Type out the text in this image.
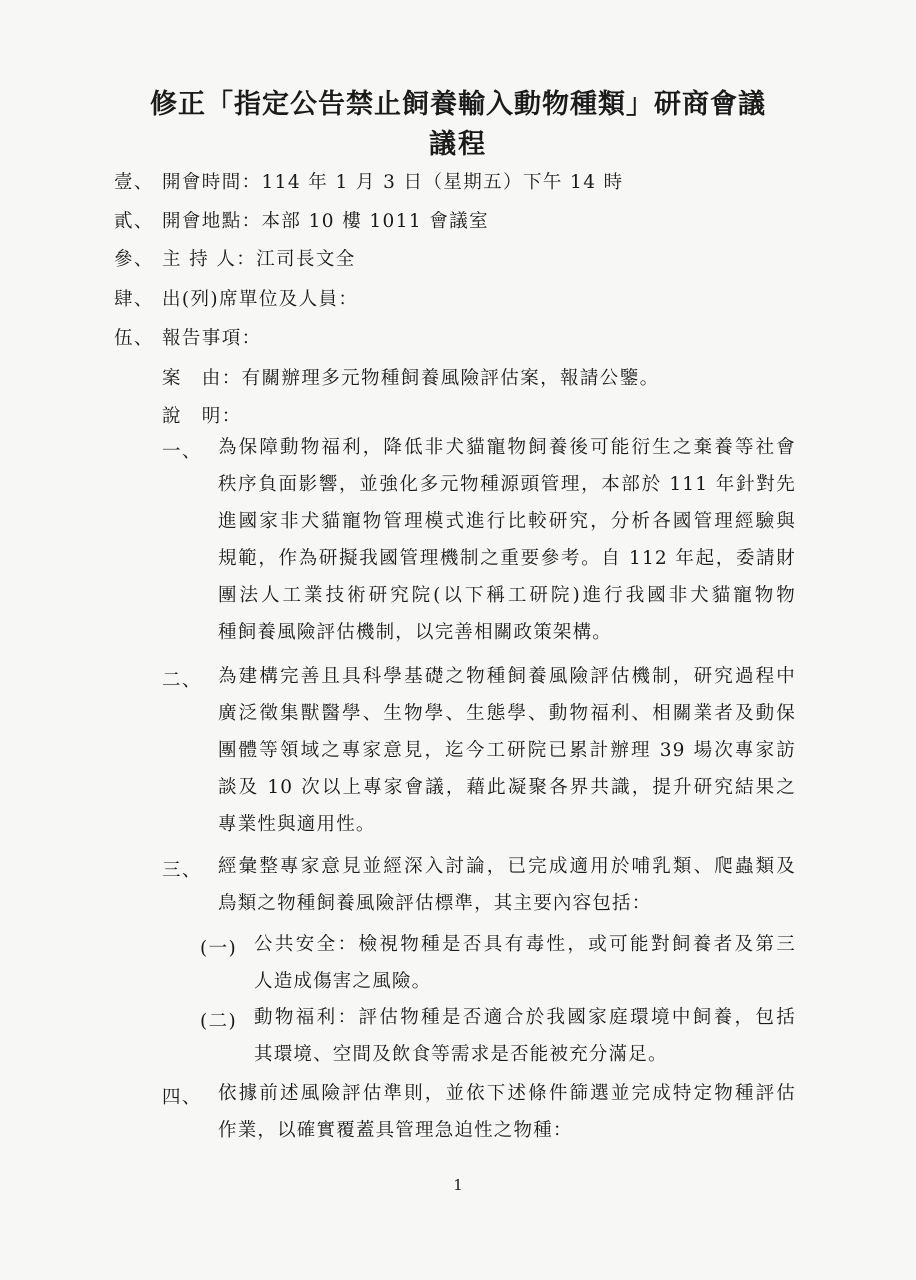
修正「指定公告禁止飼養輸入動物種類」研商會議
議程
壹、 開會時間：114 年 1 月 3 日（星期五）下午 14 時
貳、 開會地點：本部 10 樓 1011 會議室
參、 主 持 人：江司長文全
肆、 出(列)席單位及人員：
伍、 報告事項：
案　由：有關辦理多元物種飼養風險評估案，報請公鑒。
說　明：
一、 為保障動物福利，降低非犬貓寵物飼養後可能衍生之棄養等社會
秩序負面影響，並強化多元物種源頭管理，本部於 111 年針對先
進國家非犬貓寵物管理模式進行比較研究，分析各國管理經驗與
規範，作為研擬我國管理機制之重要參考。自 112 年起，委請財
團法人工業技術研究院(以下稱工研院)進行我國非犬貓寵物物
種飼養風險評估機制，以完善相關政策架構。
二、 為建構完善且具科學基礎之物種飼養風險評估機制，研究過程中
廣泛徵集獸醫學、生物學、生態學、動物福利、相關業者及動保
團體等領域之專家意見，迄今工研院已累計辦理 39 場次專家訪
談及 10 次以上專家會議，藉此凝聚各界共識，提升研究結果之
專業性與適用性。
三、 經彙整專家意見並經深入討論，已完成適用於哺乳類、爬蟲類及
鳥類之物種飼養風險評估標準，其主要內容包括：
(一) 公共安全：檢視物種是否具有毒性，或可能對飼養者及第三
人造成傷害之風險。
(二) 動物福利：評估物種是否適合於我國家庭環境中飼養，包括
其環境、空間及飲食等需求是否能被充分滿足。
四、 依據前述風險評估準則，並依下述條件篩選並完成特定物種評估
作業，以確實覆蓋具管理急迫性之物種：
1
